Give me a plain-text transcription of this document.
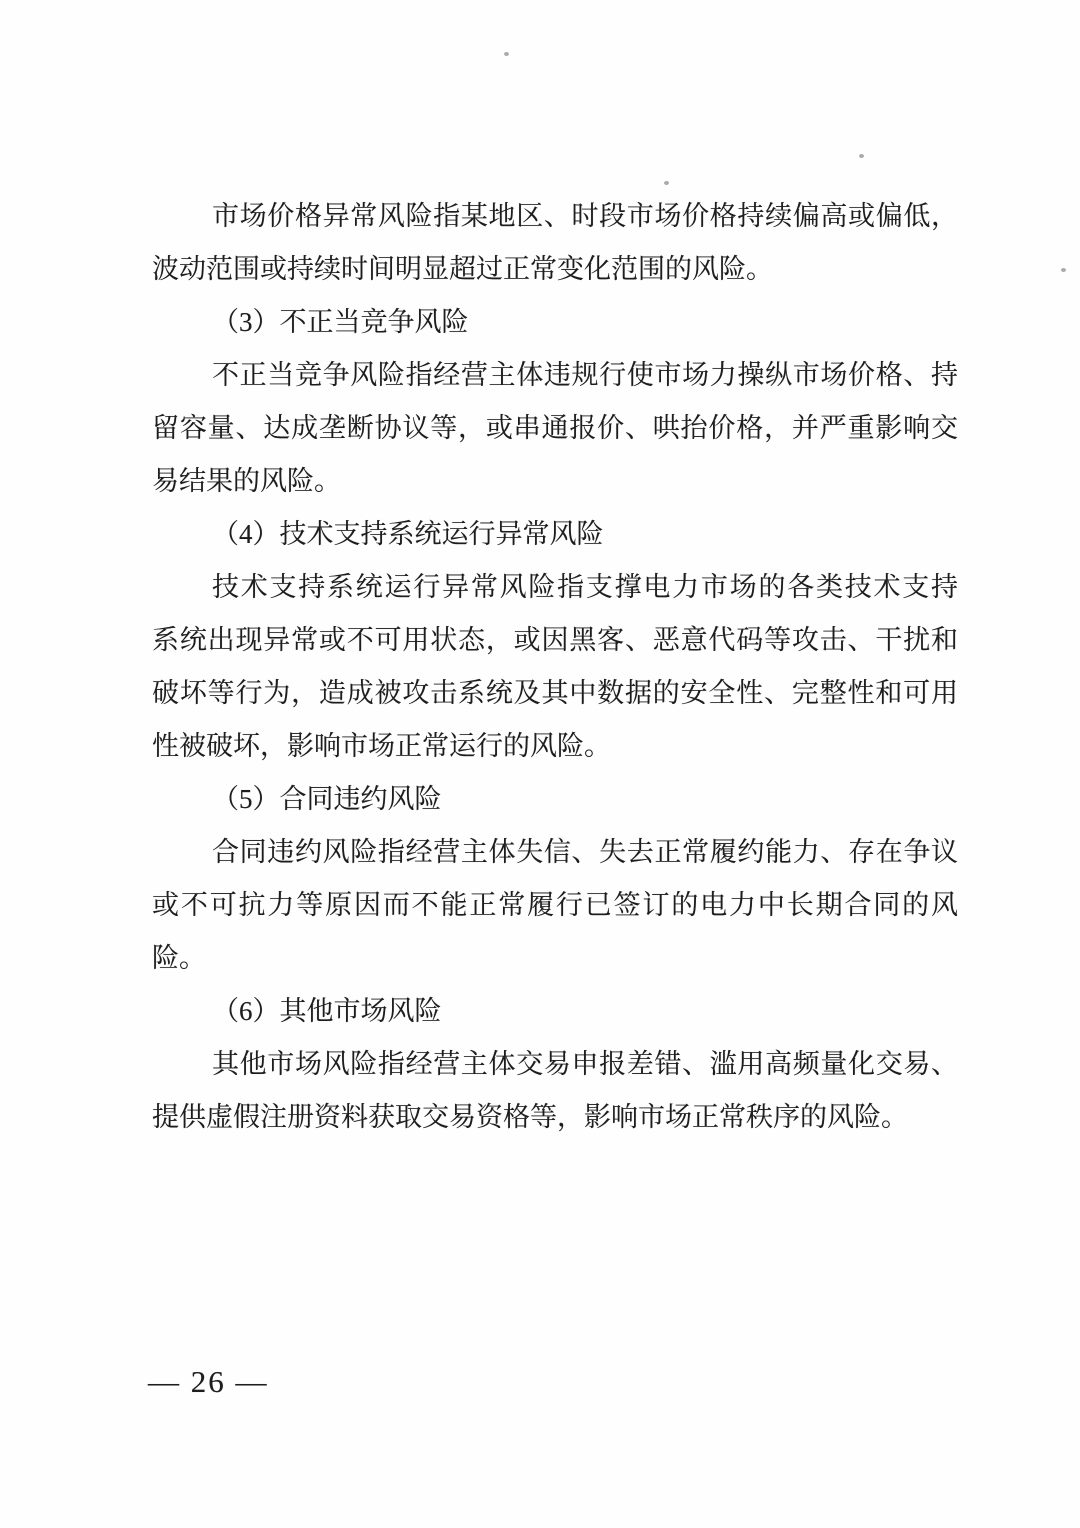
市场价格异常风险指某地区、时段市场价格持续偏高或偏低，
波动范围或持续时间明显超过正常变化范围的风险。
（3）不正当竞争风险
不正当竞争风险指经营主体违规行使市场力操纵市场价格、持
留容量、达成垄断协议等，或串通报价、哄抬价格，并严重影响交
易结果的风险。
（4）技术支持系统运行异常风险
技术支持系统运行异常风险指支撑电力市场的各类技术支持
系统出现异常或不可用状态，或因黑客、恶意代码等攻击、干扰和
破坏等行为，造成被攻击系统及其中数据的安全性、完整性和可用
性被破坏，影响市场正常运行的风险。
（5）合同违约风险
合同违约风险指经营主体失信、失去正常履约能力、存在争议
或不可抗力等原因而不能正常履行已签订的电力中长期合同的风
险。
（6）其他市场风险
其他市场风险指经营主体交易申报差错、滥用高频量化交易、
提供虚假注册资料获取交易资格等，影响市场正常秩序的风险。
— 26 —
